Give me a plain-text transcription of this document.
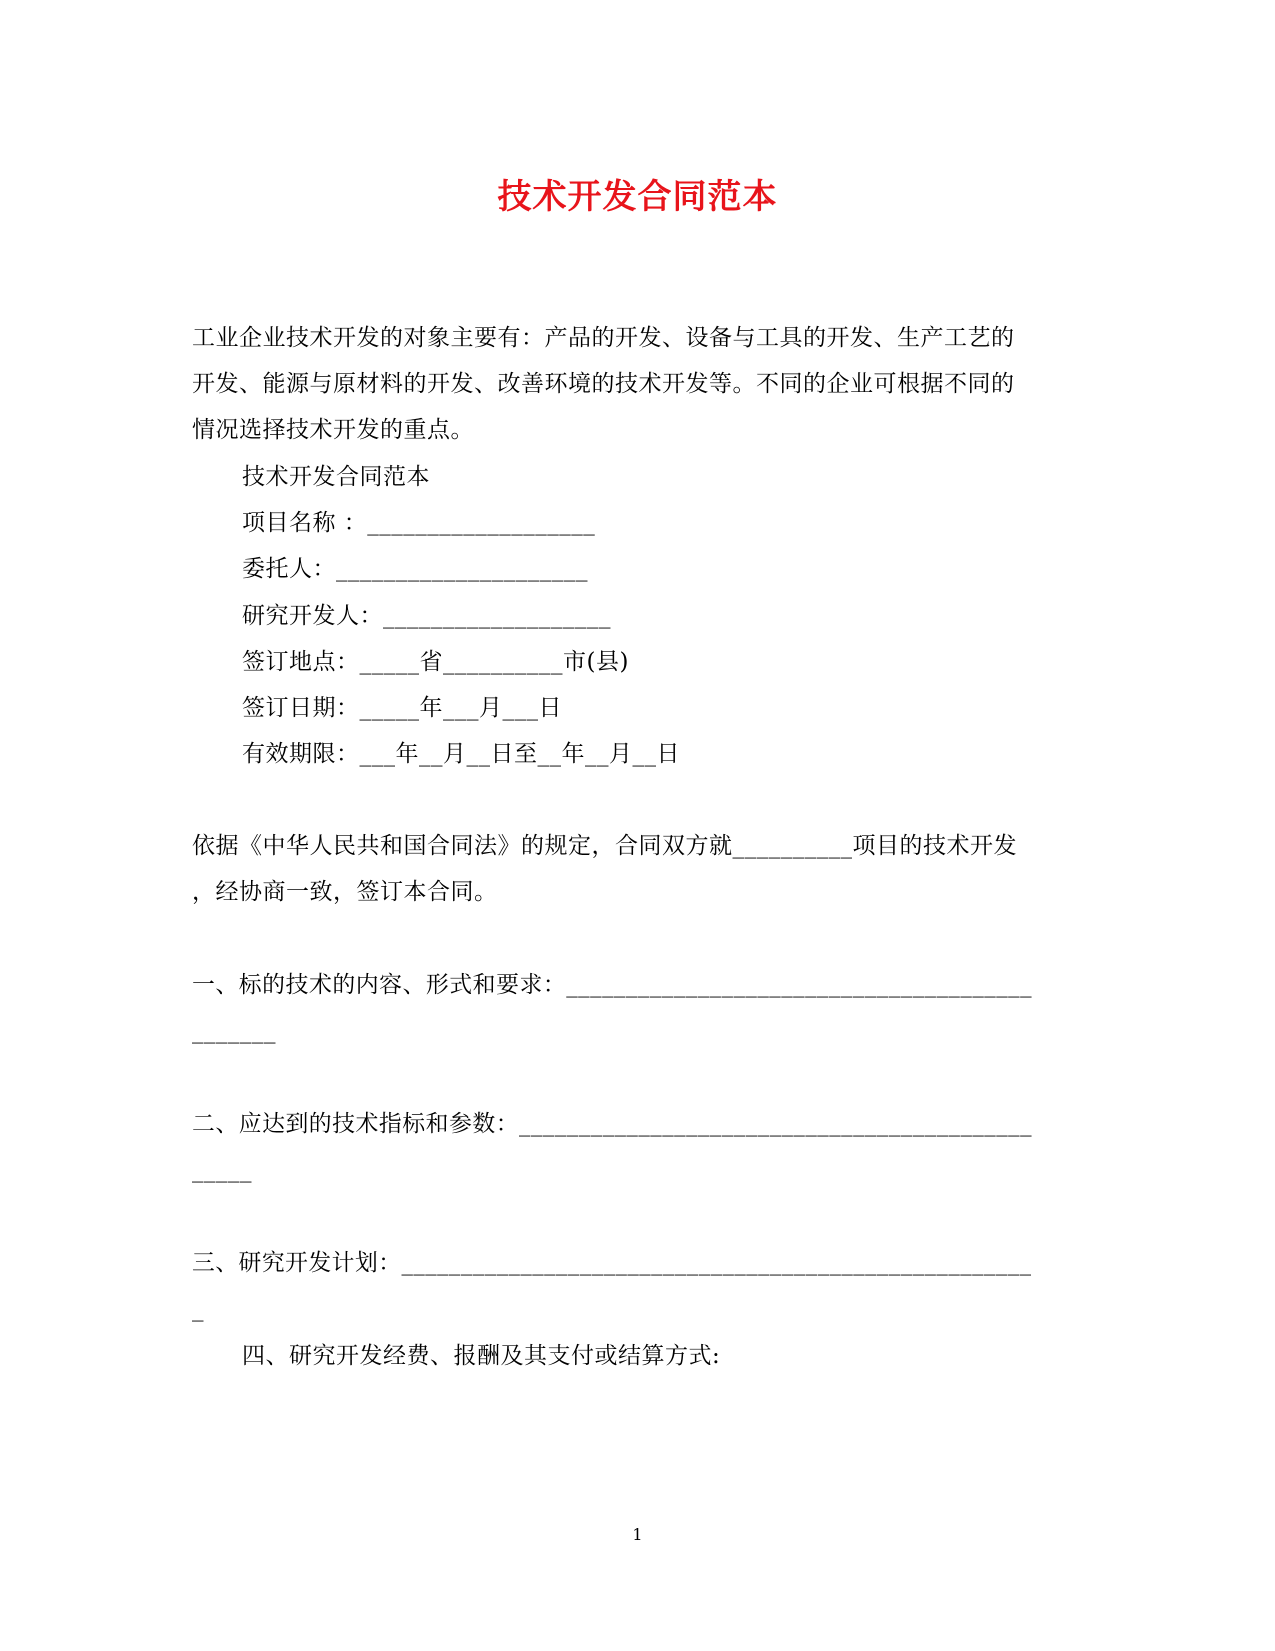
技术开发合同范本
工业企业技术开发的对象主要有：产品的开发、设备与工具的开发、生产工艺的
开发、能源与原材料的开发、改善环境的技术开发等。不同的企业可根据不同的
情况选择技术开发的重点。
技术开发合同范本
项目名称 ：___________________
委托人：_____________________
研究开发人：___________________
签订地点：_____省__________市(县)
签订日期：_____年___月___日
有效期限：___年__月__日至__年__月__日
依据《中华人民共和国合同法》的规定，合同双方就__________项目的技术开发
，经协商一致，签订本合同。
一、标的技术的内容、形式和要求：_______________________________________
_______
二、应达到的技术指标和参数：___________________________________________
_____
三、研究开发计划：_____________________________________________________
_
四、研究开发经费、报酬及其支付或结算方式:
1
